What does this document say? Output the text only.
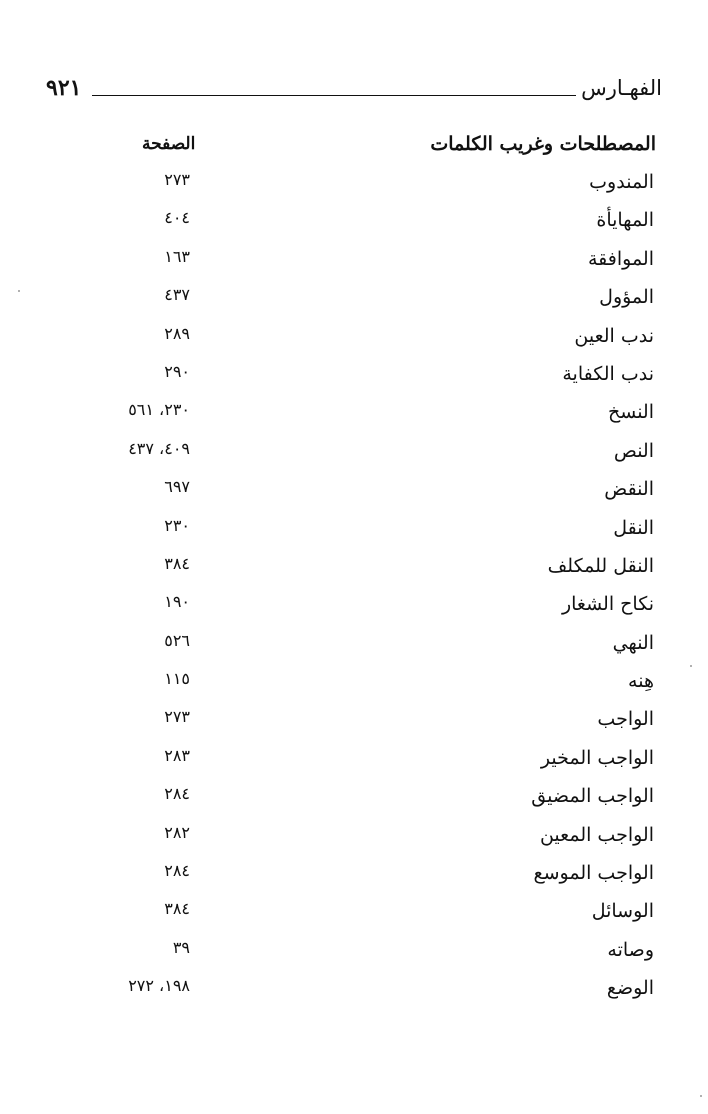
الفهـارس
٩٢١
المصطلحات وغريب الكلمات
الصفحة
المندوب
٢٧٣
المهايأة
٤٠٤
الموافقة
١٦٣
المؤول
٤٣٧
ندب العين
٢٨٩
ندب الكفاية
٢٩٠
النسخ
٢٣٠، ٥٦١
النص
٤٠٩، ٤٣٧
النقض
٦٩٧
النقل
٢٣٠
النقل للمكلف
٣٨٤
نكاح الشغار
١٩٠
النهي
٥٢٦
هِنه
١١٥
الواجب
٢٧٣
الواجب المخير
٢٨٣
الواجب المضيق
٢٨٤
الواجب المعين
٢٨٢
الواجب الموسع
٢٨٤
الوسائل
٣٨٤
وصاته
٣٩
الوضع
١٩٨، ٢٧٢
